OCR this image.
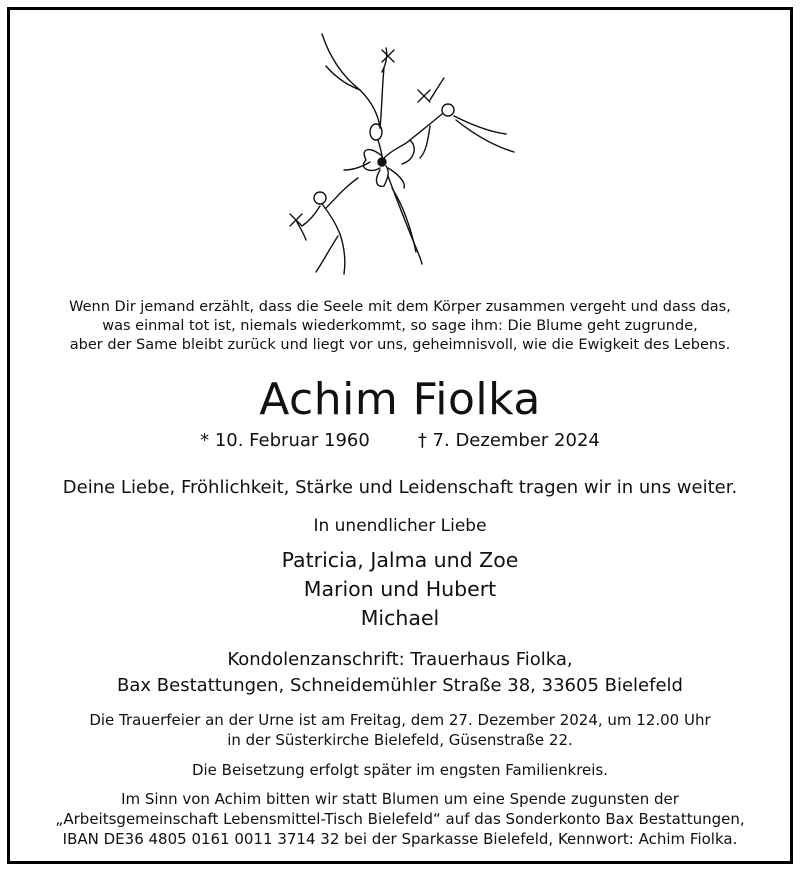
Wenn Dir jemand erzählt, dass die Seele mit dem Körper zusammen vergeht und dass das,
was einmal tot ist, niemals wiederkommt, so sage ihm: Die Blume geht zugrunde,
aber der Same bleibt zurück und liegt vor uns, geheimnisvoll, wie die Ewigkeit des Lebens.
Achim Fiolka
* 10. Februar 1960	† 7. Dezember 2024
Deine Liebe, Fröhlichkeit, Stärke und Leidenschaft tragen wir in uns weiter.
In unendlicher Liebe
Patricia, Jalma und Zoe
Marion und Hubert
Michael
Kondolenzanschrift: Trauerhaus Fiolka,
Bax Bestattungen, Schneidemühler Straße 38, 33605 Bielefeld
Die Trauerfeier an der Urne ist am Freitag, dem 27. Dezember 2024, um 12.00 Uhr
in der Süsterkirche Bielefeld, Güsenstraße 22.
Die Beisetzung erfolgt später im engsten Familienkreis.
Im Sinn von Achim bitten wir statt Blumen um eine Spende zugunsten der
„Arbeitsgemeinschaft Lebensmittel-Tisch Bielefeld“ auf das Sonderkonto Bax Bestattungen,
IBAN DE36 4805 0161 0011 3714 32 bei der Sparkasse Bielefeld, Kennwort: Achim Fiolka.
